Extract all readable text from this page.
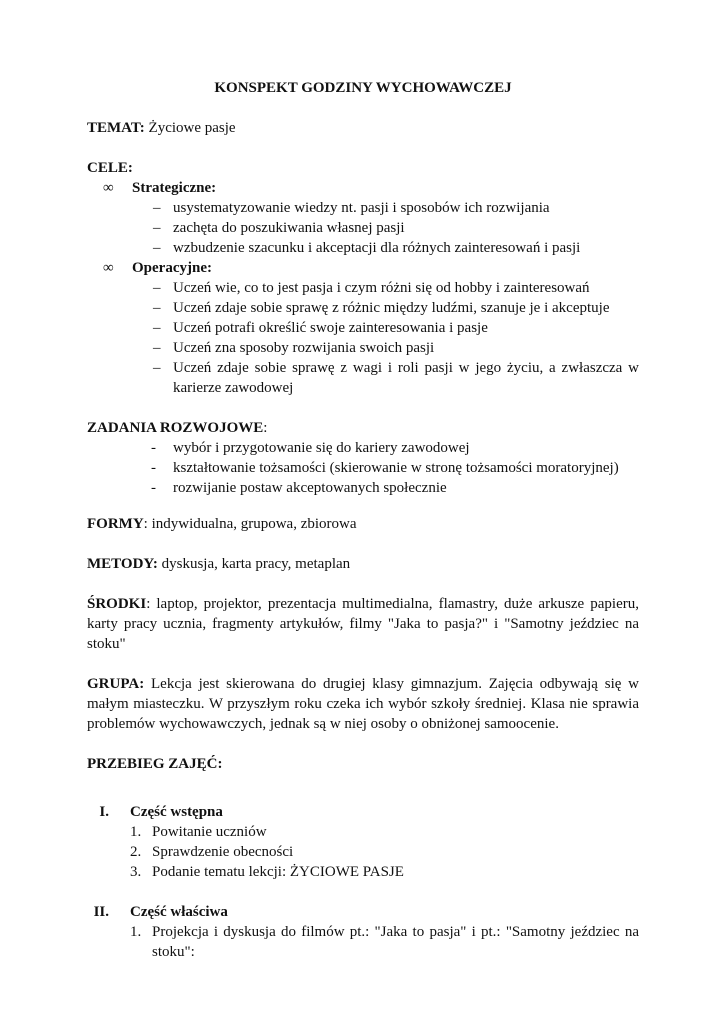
KONSPEKT GODZINY WYCHOWAWCZEJ

TEMAT: Życiowe pasje

CELE:

∞ Strategiczne:

– usystematyzowanie wiedzy nt. pasji i sposobów ich rozwijania

– zachęta do poszukiwania własnej pasji

– wzbudzenie szacunku i akceptacji dla różnych zainteresowań i pasji

∞ Operacyjne:

– Uczeń wie, co to jest pasja i czym różni się od hobby i zainteresowań

– Uczeń zdaje sobie sprawę z różnic między ludźmi, szanuje je i akceptuje

– Uczeń potrafi określić swoje zainteresowania i pasje

– Uczeń zna sposoby rozwijania swoich pasji

– Uczeń zdaje sobie sprawę z wagi i roli pasji w jego życiu, a zwłaszcza w karierze zawodowej

ZADANIA ROZWOJOWE:

- wybór i przygotowanie się do kariery zawodowej

- kształtowanie tożsamości (skierowanie w stronę tożsamości moratoryjnej)

- rozwijanie postaw akceptowanych społecznie

FORMY: indywidualna, grupowa, zbiorowa

METODY: dyskusja, karta pracy, metaplan

ŚRODKI: laptop, projektor, prezentacja multimedialna, flamastry, duże arkusze papieru, karty pracy ucznia, fragmenty artykułów, filmy "Jaka to pasja?" i "Samotny jeździec na stoku"

GRUPA: Lekcja jest skierowana do drugiej klasy gimnazjum. Zajęcia odbywają się w małym miasteczku. W przyszłym roku czeka ich wybór szkoły średniej. Klasa nie sprawia problemów wychowawczych, jednak są w niej osoby o obniżonej samoocenie.

PRZEBIEG ZAJĘĆ:

I. Część wstępna

1. Powitanie uczniów

2. Sprawdzenie obecności

3. Podanie tematu lekcji: ŻYCIOWE PASJE

II. Część właściwa

1. Projekcja i dyskusja do filmów pt.: "Jaka to pasja" i pt.: "Samotny jeździec na stoku":
